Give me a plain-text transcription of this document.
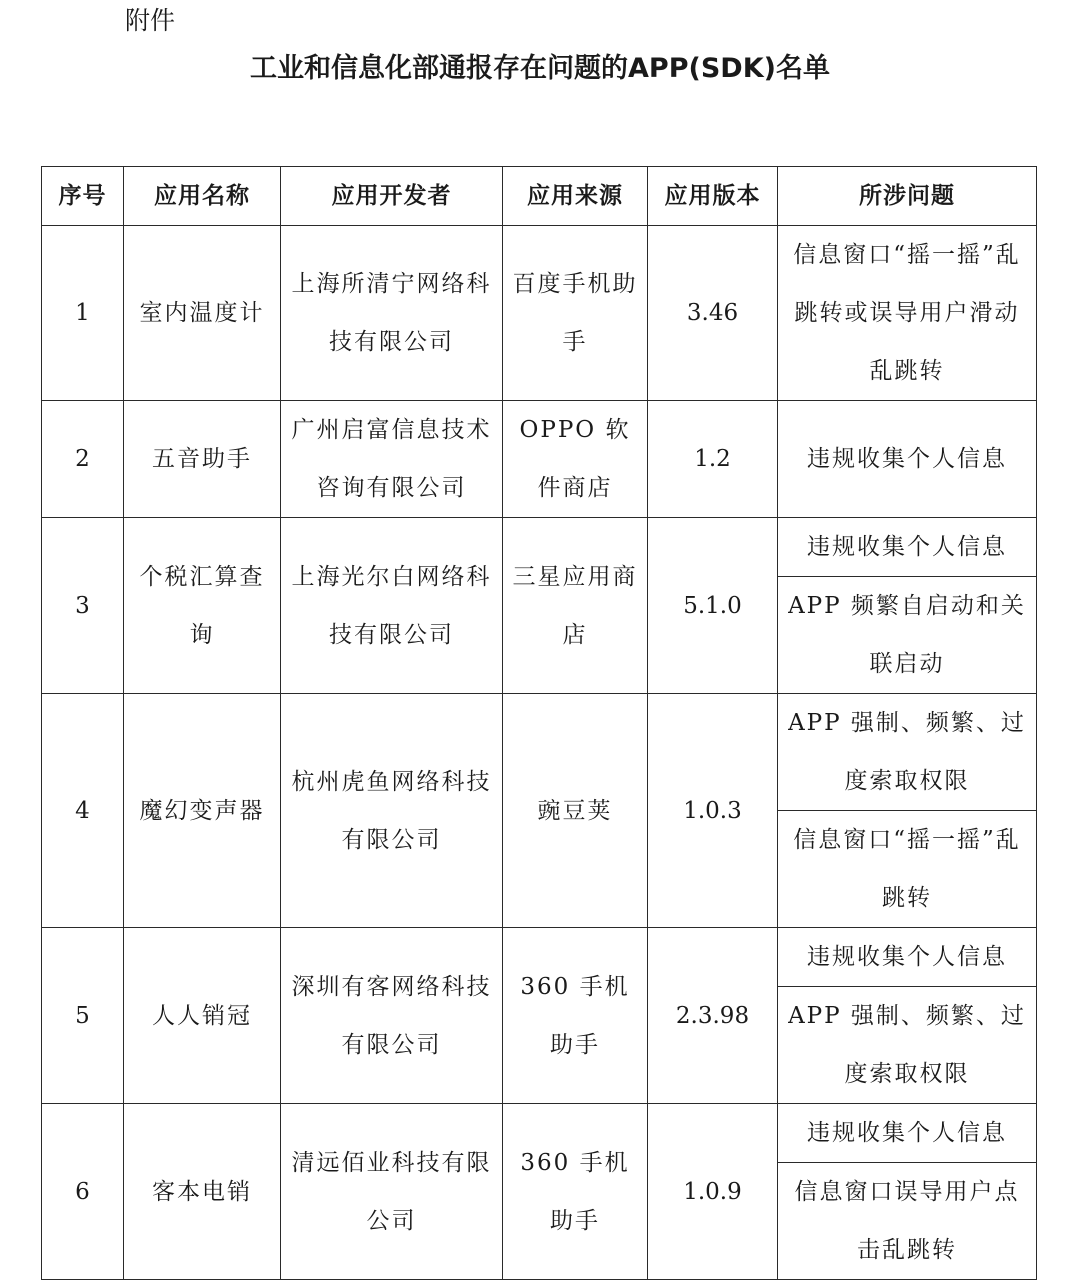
附件
工业和信息化部通报存在问题的APP(SDK)名单
序号	应用名称	应用开发者	应用来源	应用版本	所涉问题
1	室内温度计	上海所清宁网络科技有限公司	百度手机助手	3.46	信息窗口“摇一摇”乱跳转或误导用户滑动乱跳转
2	五音助手	广州启富信息技术咨询有限公司	OPPO 软件商店	1.2	违规收集个人信息
3	个税汇算查询	上海光尔白网络科技有限公司	三星应用商店	5.1.0	违规收集个人信息
					APP 频繁自启动和关联启动
4	魔幻变声器	杭州虎鱼网络科技有限公司	豌豆荚	1.0.3	APP 强制、频繁、过度索取权限
					信息窗口“摇一摇”乱跳转
5	人人销冠	深圳有客网络科技有限公司	360 手机助手	2.3.98	违规收集个人信息
					APP 强制、频繁、过度索取权限
6	客本电销	清远佰业科技有限公司	360 手机助手	1.0.9	违规收集个人信息
					信息窗口误导用户点击乱跳转
